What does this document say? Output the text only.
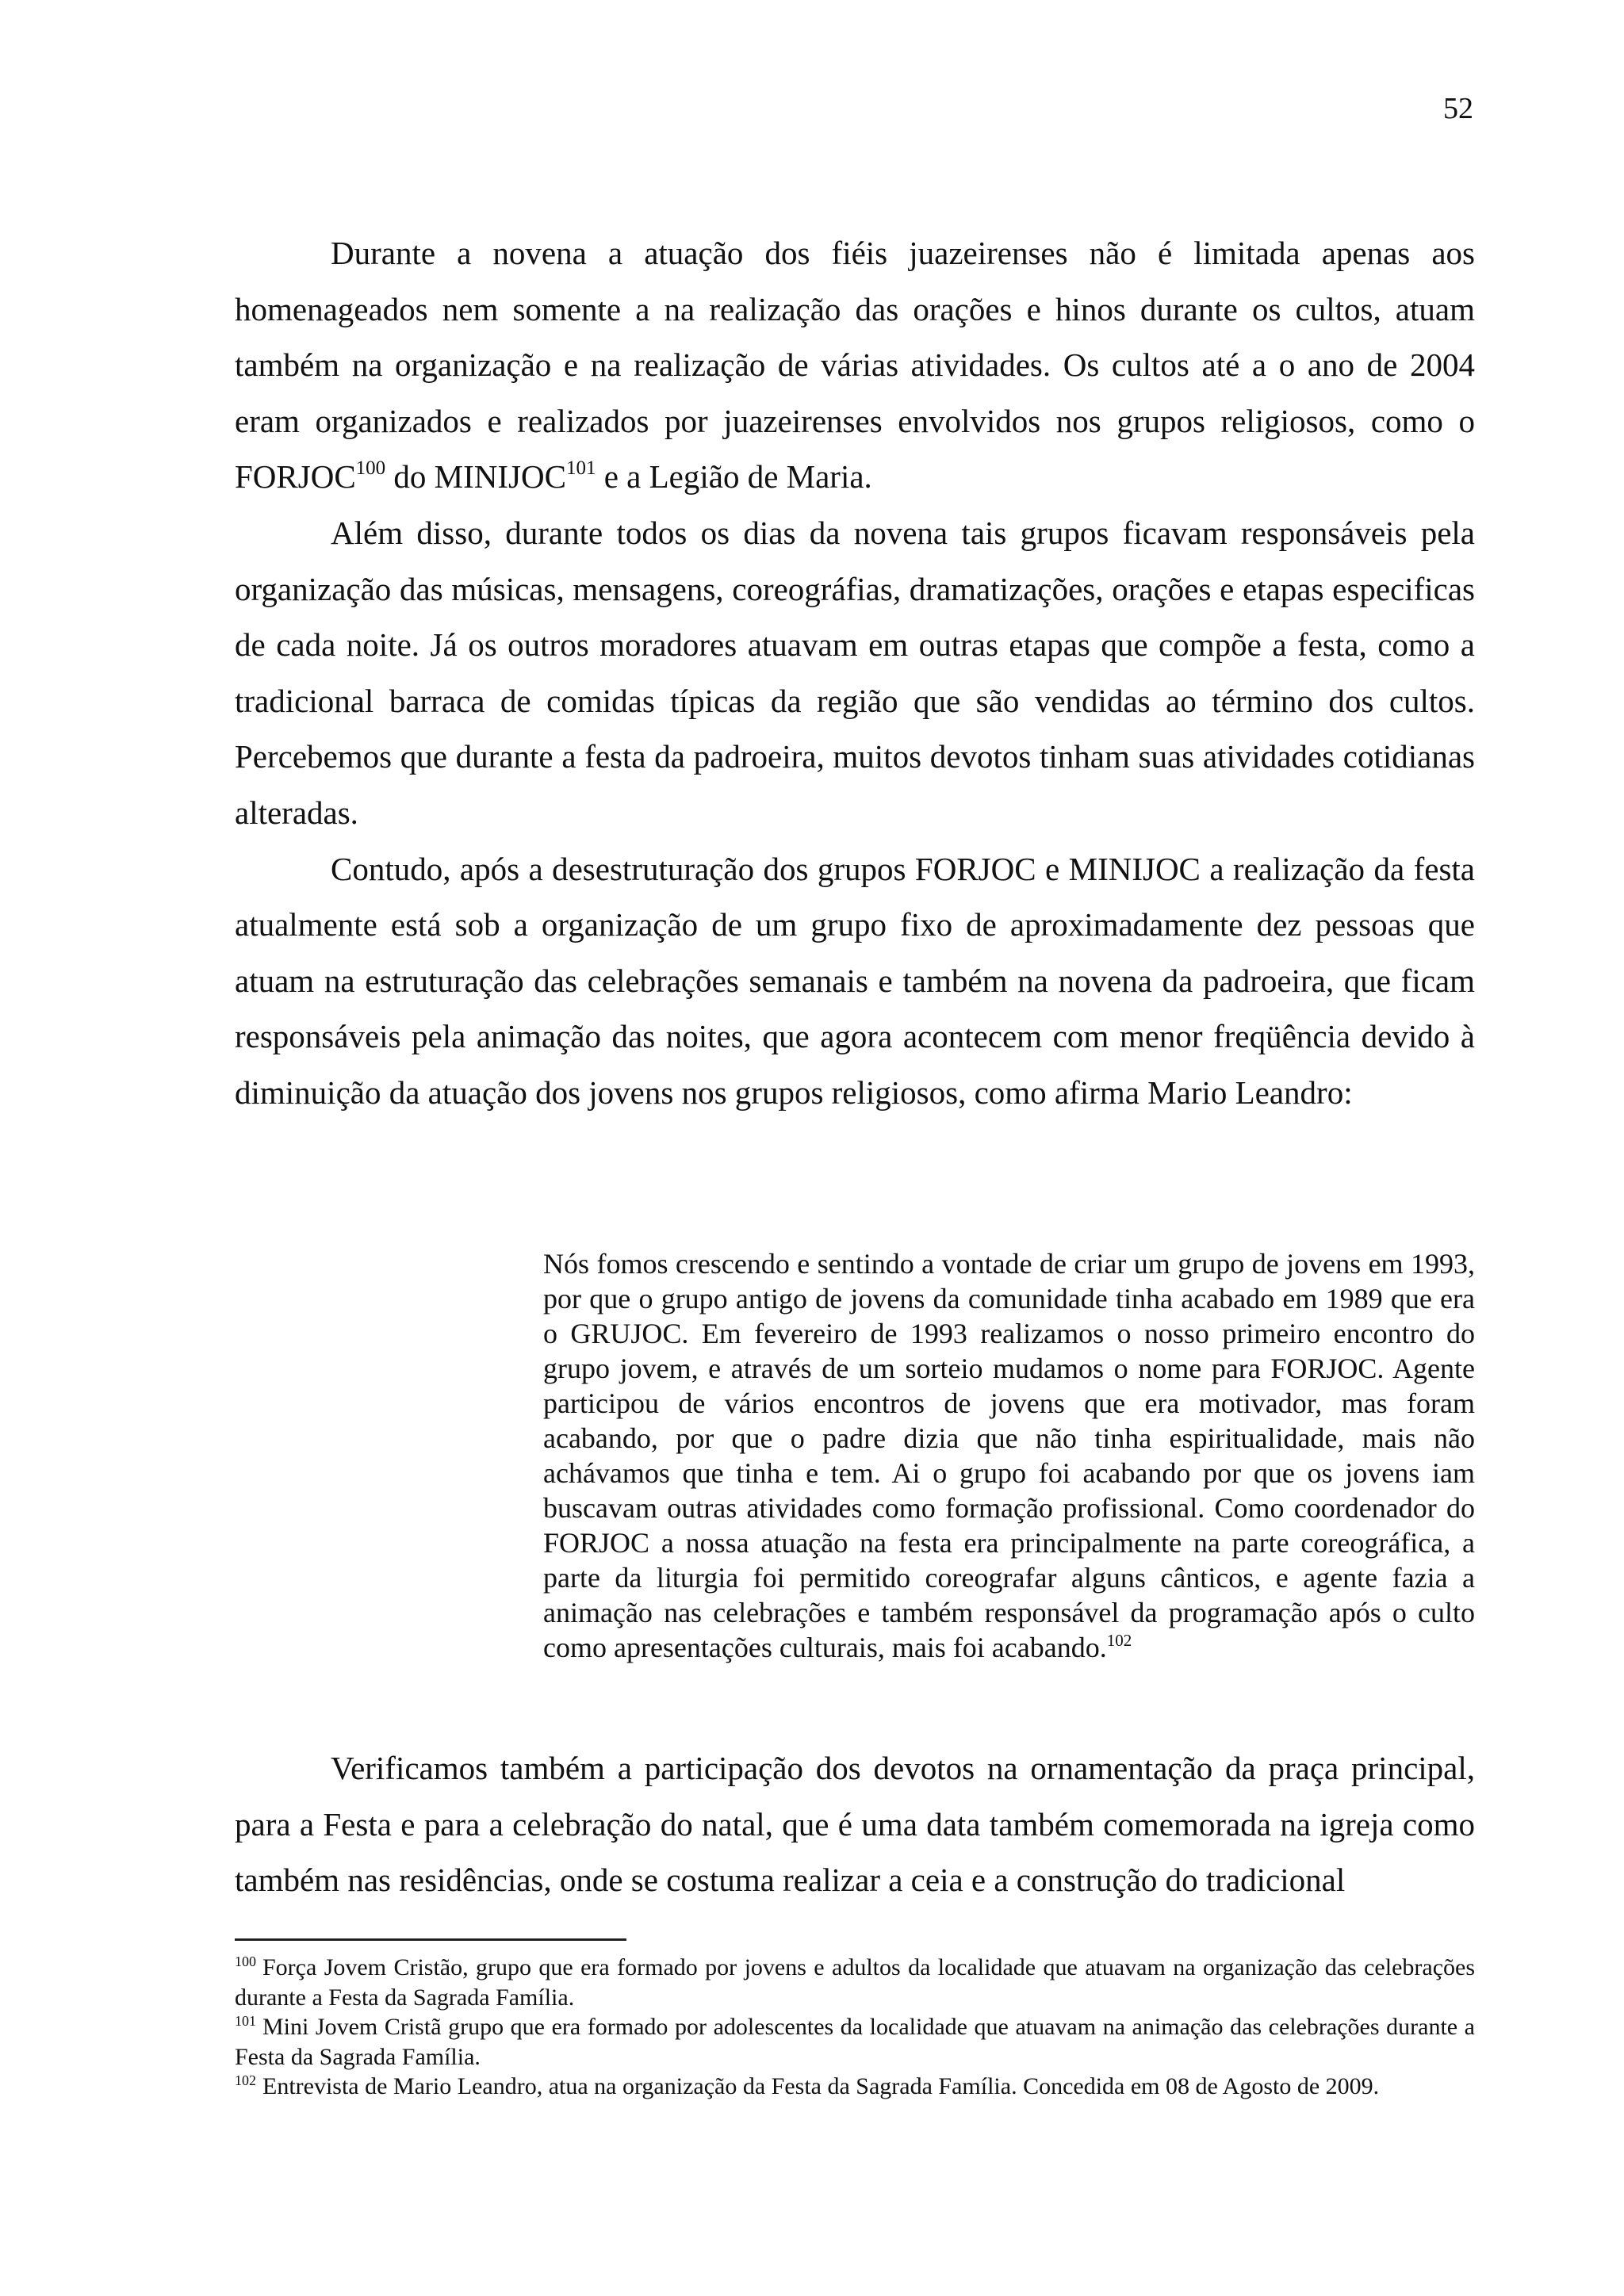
52

Durante a novena a atuação dos fiéis juazeirenses não é limitada apenas aos homenageados nem somente a na realização das orações e hinos durante os cultos, atuam também na organização e na realização de várias atividades. Os cultos até a o ano de 2004 eram organizados e realizados por juazeirenses envolvidos nos grupos religiosos, como o FORJOC$^{100}$ do MINIJOC$^{101}$ e a Legião de Maria.

Além disso, durante todos os dias da novena tais grupos ficavam responsáveis pela organização das músicas, mensagens, coreográfias, dramatizações, orações e etapas especificas de cada noite. Já os outros moradores atuavam em outras etapas que compõe a festa, como a tradicional barraca de comidas típicas da região que são vendidas ao término dos cultos. Percebemos que durante a festa da padroeira, muitos devotos tinham suas atividades cotidianas alteradas.

Contudo, após a desestruturação dos grupos FORJOC e MINIJOC a realização da festa atualmente está sob a organização de um grupo fixo de aproximadamente dez pessoas que atuam na estruturação das celebrações semanais e também na novena da padroeira, que ficam responsáveis pela animação das noites, que agora acontecem com menor freqüência devido à diminuição da atuação dos jovens nos grupos religiosos, como afirma Mario Leandro:

Nós fomos crescendo e sentindo a vontade de criar um grupo de jovens em 1993, por que o grupo antigo de jovens da comunidade tinha acabado em 1989 que era o GRUJOC. Em fevereiro de 1993 realizamos o nosso primeiro encontro do grupo jovem, e através de um sorteio mudamos o nome para FORJOC. Agente participou de vários encontros de jovens que era motivador, mas foram acabando, por que o padre dizia que não tinha espiritualidade, mais não achávamos que tinha e tem. Ai o grupo foi acabando por que os jovens iam buscavam outras atividades como formação profissional. Como coordenador do FORJOC a nossa atuação na festa era principalmente na parte coreográfica, a parte da liturgia foi permitido coreografar alguns cânticos, e agente fazia a animação nas celebrações e também responsável da programação após o culto como apresentações culturais, mais foi acabando.$^{102}$

Verificamos também a participação dos devotos na ornamentação da praça principal, para a Festa e para a celebração do natal, que é uma data também comemorada na igreja como também nas residências, onde se costuma realizar a ceia e a construção do tradicional

$^{100}$ Força Jovem Cristão, grupo que era formado por jovens e adultos da localidade que atuavam na organização das celebrações durante a Festa da Sagrada Família.

$^{101}$ Mini Jovem Cristã grupo que era formado por adolescentes da localidade que atuavam na animação das celebrações durante a Festa da Sagrada Família.

$^{102}$ Entrevista de Mario Leandro, atua na organização da Festa da Sagrada Família. Concedida em 08 de Agosto de 2009.
